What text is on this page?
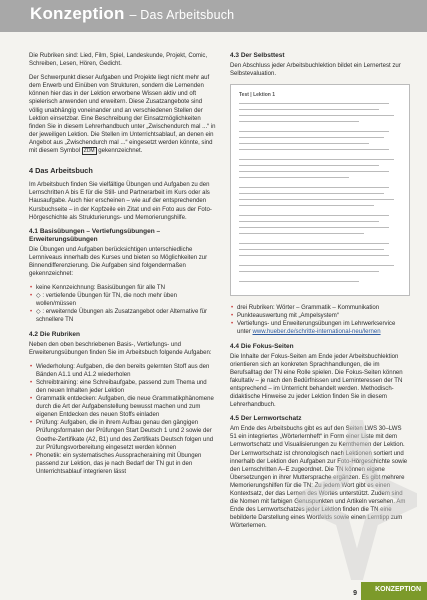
Konzeption – Das Arbeitsbuch

Die Rubriken sind: Lied, Film, Spiel, Landeskunde, Projekt, Comic, Schreiben, Lesen, Hören, Gedicht.

Der Schwerpunkt dieser Aufgaben und Projekte liegt nicht mehr auf dem Erwerb und Einüben von Strukturen, sondern die Lernenden können hier das in der Lektion erworbene Wissen aktiv und oft spielerisch anwenden und erweitern. Diese Zusatzangebote sind völlig unabhängig voneinander und an verschiedenen Stellen der Lektion einsetzbar. Eine Beschreibung der Einsatzmöglichkeiten finden Sie in diesem Lehrerhandbuch unter „Zwischendurch mal ...“ in der jeweiligen Lektion. Die Stellen im Unterrichtsablauf, an denen ein Angebot aus „Zwischendurch mal ...“ eingesetzt werden könnte, sind mit diesem Symbol ZDM gekennzeichnet.

4 Das Arbeitsbuch

Im Arbeitsbuch finden Sie vielfältige Übungen und Aufgaben zu den Lernschritten A bis E für die Still- und Partnerarbeit im Kurs oder als Hausaufgabe. Auch hier erscheinen – wie auf der entsprechenden Kursbuchseite – in der Kopfzeile ein Zitat und ein Foto aus der Foto-Hörgeschichte als Strukturierungs- und Memorierungshilfe.

4.1 Basisübungen – Vertiefungsübungen – Erweiterungsübungen

Die Übungen und Aufgaben berücksichtigen unterschiedliche Lernniveaus innerhalb des Kurses und bieten so Möglichkeiten zur Binnendifferenzierung. Die Aufgaben sind folgendermaßen gekennzeichnet:

• keine Kennzeichnung: Basisübungen für alle TN
• ◇ : vertiefende Übungen für TN, die noch mehr üben wollen/müssen
• ◇ : erweiternde Übungen als Zusatzangebot oder Alternative für schnellere TN
4.2 Die Rubriken

Neben den oben beschriebenen Basis-, Vertiefungs- und Erweiterungsübungen finden Sie im Arbeitsbuch folgende Aufgaben:

• Wiederholung: Aufgaben, die den bereits gelernten Stoff aus den Bänden A1.1 und A1.2 wiederholen
• Schreibtraining: eine Schreibaufgabe, passend zum Thema und den neuen Inhalten jeder Lektion
• Grammatik entdecken: Aufgaben, die neue Grammatikphänomene durch die Art der Aufgabenstellung bewusst machen und zum eigenen Entdecken des neuen Stoffs einladen
• Prüfung: Aufgaben, die in ihrem Aufbau genau den gängigen Prüfungsformaten der Prüfungen Start Deutsch 1 und 2 sowie der Goethe-Zertifikate (A2, B1) und des Zertifikats Deutsch folgen und zur Prüfungsvorbereitung eingesetzt werden können
• Phonetik: ein systematisches Ausspracheraining mit Übungen passend zur Lektion, das je nach Bedarf der TN gut in den Unterrichtsablauf integrieren lässt
4.3 Der Selbsttest

Den Abschluss jeder Arbeitsbuchlektion bildet ein Lernertest zur Selbstevaluation.

Test | Lektion 1
• drei Rubriken: Wörter – Grammatik – Kommunikation
• Punkteauswertung mit „Ampelsystem“
• Vertiefungs- und Erweiterungsübungen im Lehrwerkservice unter www.hueber.de/schritte-international-neu/lernen
4.4 Die Fokus-Seiten

Die Inhalte der Fokus-Seiten am Ende jeder Arbeitsbuchlektion orientieren sich an konkreten Sprachhandlungen, die im Berufsalltag der TN eine Rolle spielen. Die Fokus-Seiten können fakultativ – je nach den Bedürfnissen und Lerninteressen der TN entsprechend – im Unterricht behandelt werden. Methodisch-didaktische Hinweise zu jeder Lektion finden Sie in diesem Lehrerhandbuch.

4.5 Der Lernwortschatz

Am Ende des Arbeitsbuchs gibt es auf den Seiten LWS 30–LWS 51 ein integriertes „Wörterlernheft“ in Form einer Liste mit dem Lernwortschatz und Visualisierungen zu Kernthemen der Lektion. Der Lernwortschatz ist chronologisch nach Lektionen sortiert und innerhalb der Lektion den Aufgaben zur Foto-Hörgeschichte sowie den Lernschritten A–E zugeordnet. Die TN können eigene Übersetzungen in ihrer Muttersprache ergänzen. Es gibt mehrere Memorierungshilfen für die TN: Zu jedem Wort gibt es einen Kontextsatz, der das Lernen des Wortes unterstützt. Zudem sind die Nomen mit farbigen Genuspunkten und Artikeln versehen. Am Ende des Lernwortschatzes jeder Lektion finden die TN eine bebilderte Darstellung eines Wortfelds sowie einen Lerntipp zum Wörterlernen.

9
KONZEPTION
